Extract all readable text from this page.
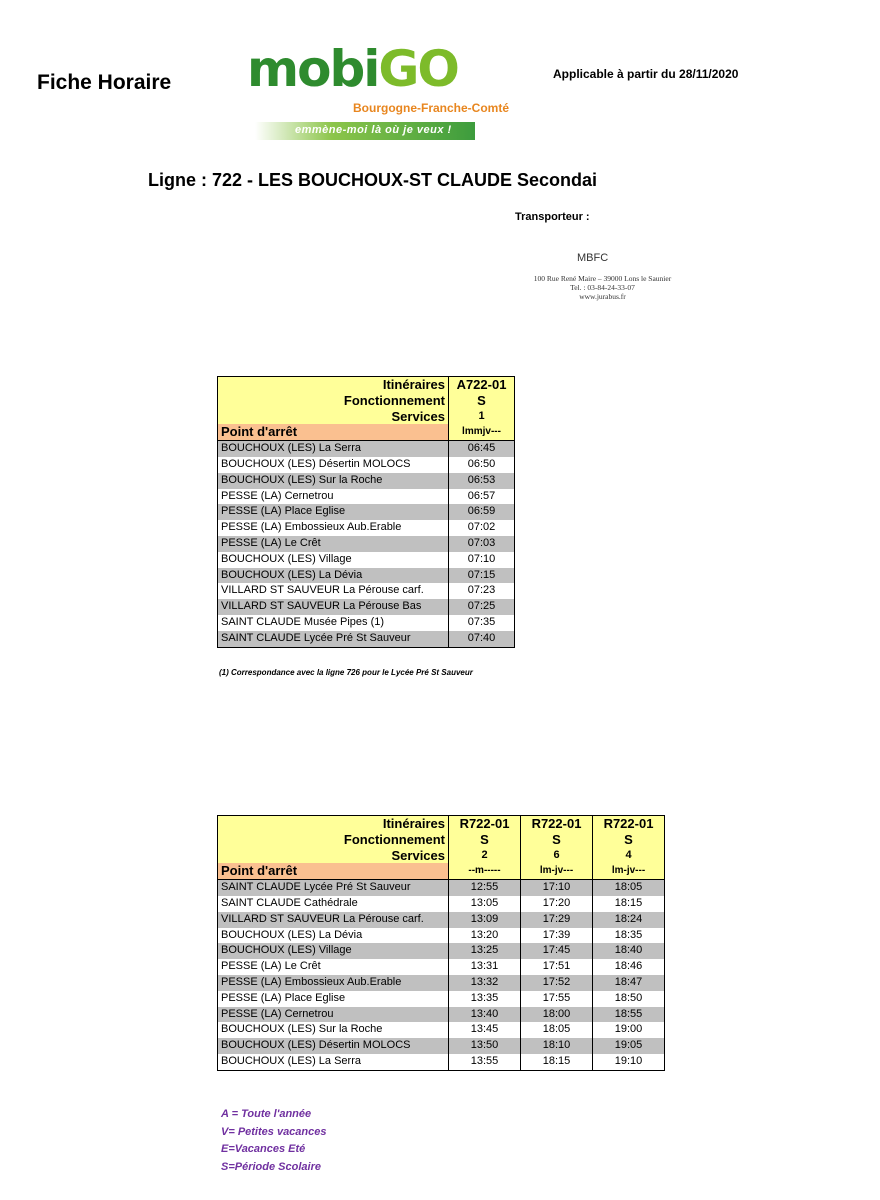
Fiche Horaire mobiGO
Bourgogne-Franche-Comté
emmène-moi là où je veux !
Applicable à partir du 28/11/2020
Ligne : 722 - LES BOUCHOUX-ST CLAUDE Secondai
Transporteur :
MBFC
100 Rue René Maire – 39000 Lons le Saunier
Tel. : 03-84-24-33-07
www.jurabus.fr
Itinéraires	A722-01
Fonctionnement	S
Services	1
Point d'arrêt	lmmjv---
BOUCHOUX (LES) La Serra	06:45
BOUCHOUX (LES) Désertin MOLOCS	06:50
BOUCHOUX (LES) Sur la Roche	06:53
PESSE (LA) Cernetrou	06:57
PESSE (LA) Place Eglise	06:59
PESSE (LA) Embossieux Aub.Erable	07:02
PESSE (LA) Le Crêt	07:03
BOUCHOUX (LES) Village	07:10
BOUCHOUX (LES) La Dévia	07:15
VILLARD ST SAUVEUR La Pérouse carf.	07:23
VILLARD ST SAUVEUR La Pérouse Bas	07:25
SAINT CLAUDE Musée Pipes (1)	07:35
SAINT CLAUDE Lycée Pré St Sauveur	07:40
(1) Correspondance avec la ligne 726 pour le Lycée Pré St Sauveur
Itinéraires	R722-01	R722-01	R722-01
Fonctionnement	S	S	S
Services	2	6	4
Point d'arrêt	--m-----	lm-jv---	lm-jv---
SAINT CLAUDE Lycée Pré St Sauveur	12:55	17:10	18:05
SAINT CLAUDE Cathédrale	13:05	17:20	18:15
VILLARD ST SAUVEUR La Pérouse carf.	13:09	17:29	18:24
BOUCHOUX (LES) La Dévia	13:20	17:39	18:35
BOUCHOUX (LES) Village	13:25	17:45	18:40
PESSE (LA) Le Crêt	13:31	17:51	18:46
PESSE (LA) Embossieux Aub.Erable	13:32	17:52	18:47
PESSE (LA) Place Eglise	13:35	17:55	18:50
PESSE (LA) Cernetrou	13:40	18:00	18:55
BOUCHOUX (LES) Sur la Roche	13:45	18:05	19:00
BOUCHOUX (LES) Désertin MOLOCS	13:50	18:10	19:05
BOUCHOUX (LES) La Serra	13:55	18:15	19:10
A = Toute l'année
V= Petites vacances
E=Vacances Eté
S=Période Scolaire
